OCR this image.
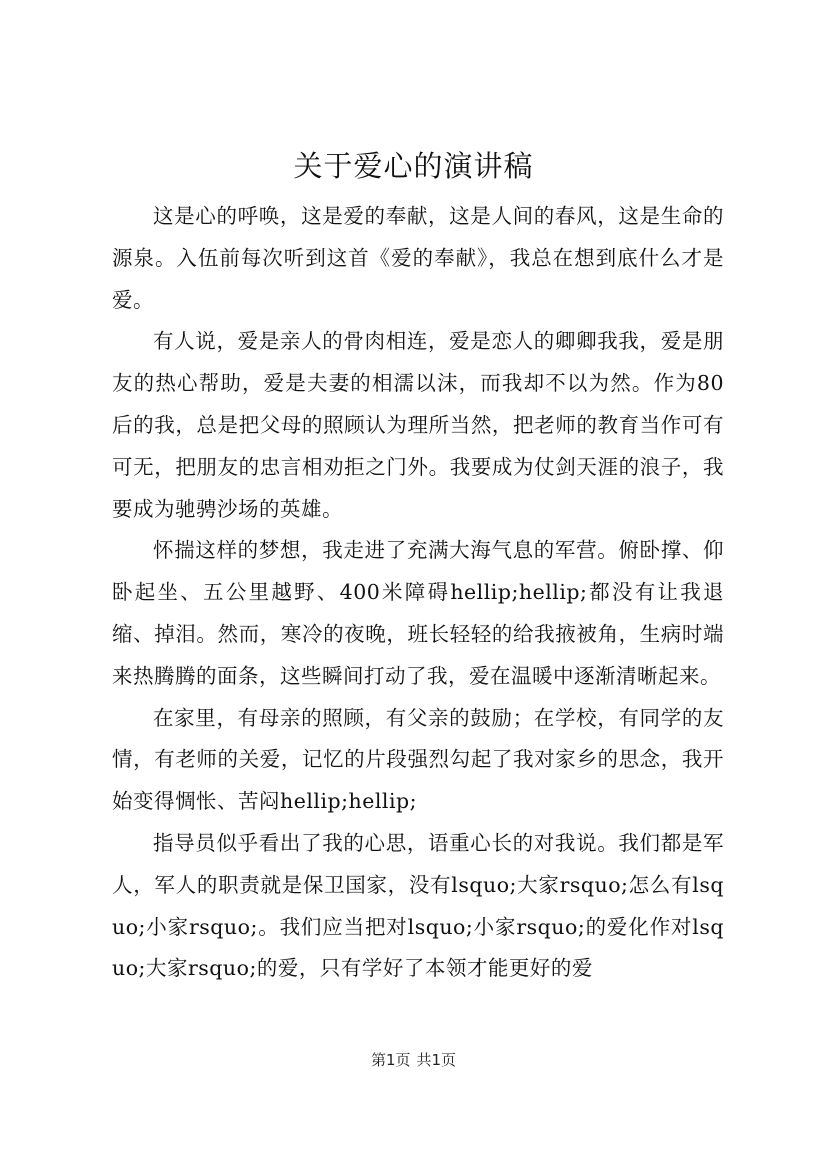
关于爱心的演讲稿

这是心的呼唤，这是爱的奉献，这是人间的春风，这是生命的源泉。入伍前每次听到这首《爱的奉献》，我总在想到底什么才是爱。

有人说，爱是亲人的骨肉相连，爱是恋人的卿卿我我，爱是朋友的热心帮助，爱是夫妻的相濡以沫，而我却不以为然。作为80后的我，总是把父母的照顾认为理所当然，把老师的教育当作可有可无，把朋友的忠言相劝拒之门外。我要成为仗剑天涯的浪子，我要成为驰骋沙场的英雄。

怀揣这样的梦想，我走进了充满大海气息的军营。俯卧撑、仰卧起坐、五公里越野、400米障碍hellip;hellip;都没有让我退缩、掉泪。然而，寒冷的夜晚，班长轻轻的给我掖被角，生病时端来热腾腾的面条，这些瞬间打动了我，爱在温暖中逐渐清晰起来。

在家里，有母亲的照顾，有父亲的鼓励；在学校，有同学的友情，有老师的关爱，记忆的片段强烈勾起了我对家乡的思念，我开始变得惆怅、苦闷hellip;hellip;

指导员似乎看出了我的心思，语重心长的对我说。我们都是军人，军人的职责就是保卫国家，没有lsquo;大家rsquo;怎么有lsquo;小家rsquo;。我们应当把对lsquo;小家rsquo;的爱化作对lsquo;大家rsquo;的爱，只有学好了本领才能更好的爱

第1页 共1页
